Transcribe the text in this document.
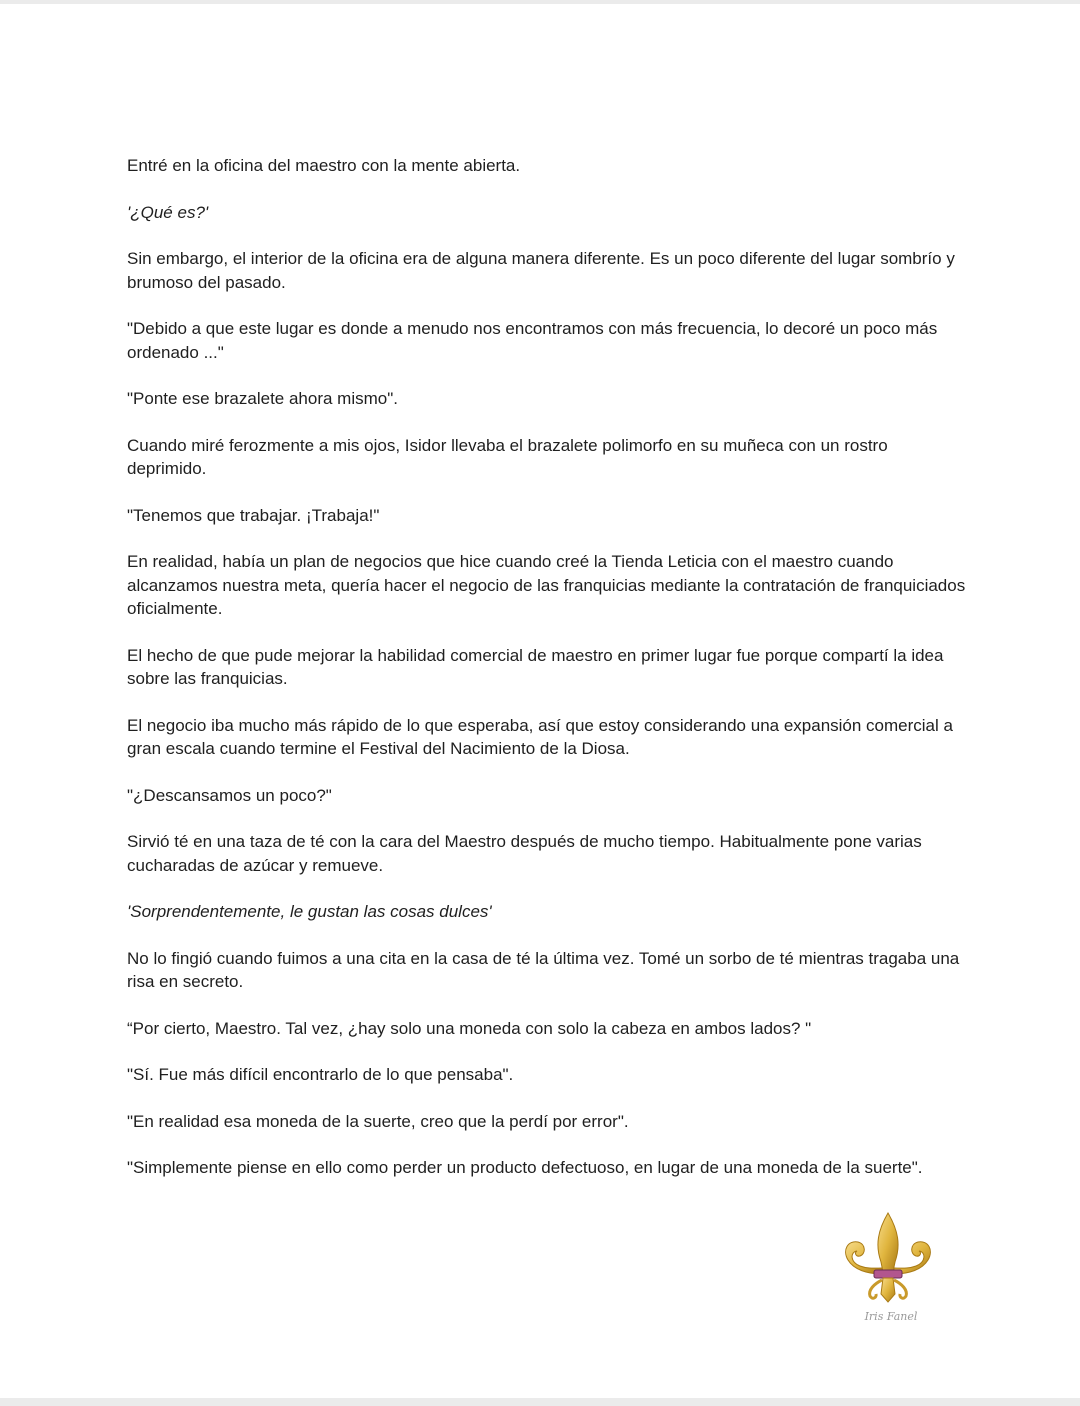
Entré en la oficina del maestro con la mente abierta.

'¿Qué es?'

Sin embargo, el interior de la oficina era de alguna manera diferente. Es un poco diferente del lugar sombrío y brumoso del pasado.

"Debido a que este lugar es donde a menudo nos encontramos con más frecuencia, lo decoré un poco más ordenado ..."

"Ponte ese brazalete ahora mismo".

Cuando miré ferozmente a mis ojos, Isidor llevaba el brazalete polimorfo en su muñeca con un rostro deprimido.

"Tenemos que trabajar. ¡Trabaja!"

En realidad, había un plan de negocios que hice cuando creé la Tienda Leticia con el maestro cuando alcanzamos nuestra meta, quería hacer el negocio de las franquicias mediante la contratación de franquiciados oficialmente.

El hecho de que pude mejorar la habilidad comercial de maestro en primer lugar fue porque compartí la idea sobre las franquicias.

El negocio iba mucho más rápido de lo que esperaba, así que estoy considerando una expansión comercial a gran escala cuando termine el Festival del Nacimiento de la Diosa.

"¿Descansamos un poco?"

Sirvió té en una taza de té con la cara del Maestro después de mucho tiempo. Habitualmente pone varias cucharadas de azúcar y remueve.

'Sorprendentemente, le gustan las cosas dulces'

No lo fingió cuando fuimos a una cita en la casa de té la última vez. Tomé un sorbo de té mientras tragaba una risa en secreto.

“Por cierto, Maestro. Tal vez, ¿hay solo una moneda con solo la cabeza en ambos lados? "

"Sí. Fue más difícil encontrarlo de lo que pensaba".

"En realidad esa moneda de la suerte, creo que la perdí por error".

"Simplemente piense en ello como perder un producto defectuoso, en lugar de una moneda de la suerte".

Iris Fanel
